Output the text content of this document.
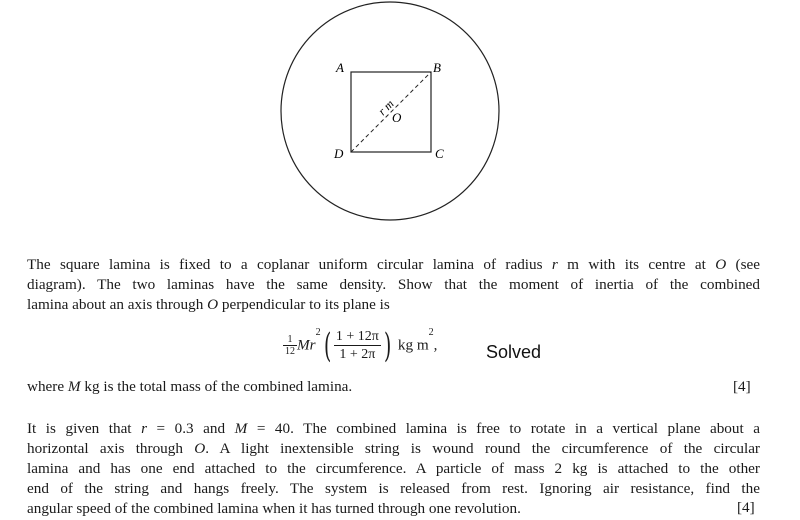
A	B
C
D
O
r m
The square lamina is fixed to a coplanar uniform circular lamina of radius r m with its centre at O (see
diagram). The two laminas have the same density. Show that the moment of inertia of the combined
lamina about an axis through O perpendicular to its plane is
$\frac{1}{12} Mr^2( \frac{1 + 12\pi}{1 + 2\pi}$ ) kg $m^2$,	Solved
where M kg is the total mass of the combined lamina.	[4]
It is given that r = 0.3 and M = 40. The combined lamina is free to rotate in a vertical plane about a
horizontal axis through O. A light inextensible string is wound round the circumference of the circular
lamina and has one end attached to the circumference. A particle of mass 2 kg is attached to the other
end of the string and hangs freely. The system is released from rest. Ignoring air resistance, find the
angular speed of the combined lamina when it has turned through one revolution.	[4]
